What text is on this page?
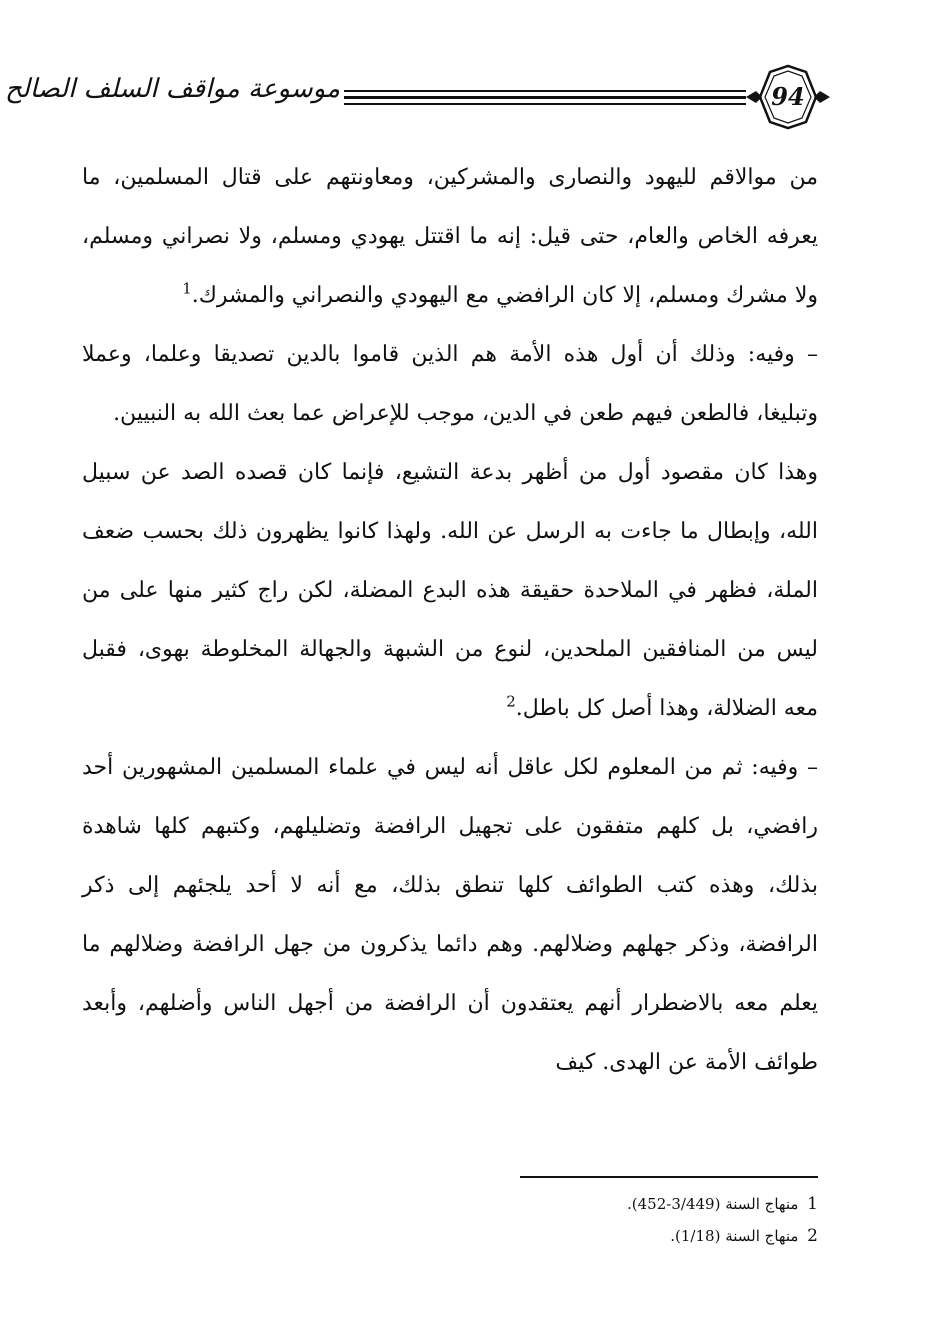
موسوعة مواقف السلف الصالح	94

من موالاقم لليهود والنصارى والمشركين، ومعاونتهم على قتال المسلمين، ما يعرفه الخاص والعام، حتى قيل: إنه ما اقتتل يهودي ومسلم، ولا نصراني ومسلم، ولا مشرك ومسلم، إلا كان الرافضي مع اليهودي والنصراني والمشرك.$^1$

– وفيه: وذلك أن أول هذه الأمة هم الذين قاموا بالدين تصديقا وعلما، وعملا وتبليغا، فالطعن فيهم طعن في الدين، موجب للإعراض عما بعث الله به النبيين.

وهذا كان مقصود أول من أظهر بدعة التشيع، فإنما كان قصده الصد عن سبيل الله، وإبطال ما جاءت به الرسل عن الله. ولهذا كانوا يظهرون ذلك بحسب ضعف الملة، فظهر في الملاحدة حقيقة هذه البدع المضلة، لكن راج كثير منها على من ليس من المنافقين الملحدين، لنوع من الشبهة والجهالة المخلوطة بهوى، فقبل معه الضلالة، وهذا أصل كل باطل.$^2$

– وفيه: ثم من المعلوم لكل عاقل أنه ليس في علماء المسلمين المشهورين أحد رافضي، بل كلهم متفقون على تجهيل الرافضة وتضليلهم، وكتبهم كلها شاهدة بذلك، وهذه كتب الطوائف كلها تنطق بذلك، مع أنه لا أحد يلجئهم إلى ذكر الرافضة، وذكر جهلهم وضلالهم. وهم دائما يذكرون من جهل الرافضة وضلالهم ما يعلم معه بالاضطرار أنهم يعتقدون أن الرافضة من أجهل الناس وأضلهم، وأبعد طوائف الأمة عن الهدى. كيف

1 منهاج السنة (3/449-452).
2 منهاج السنة (1/18).
